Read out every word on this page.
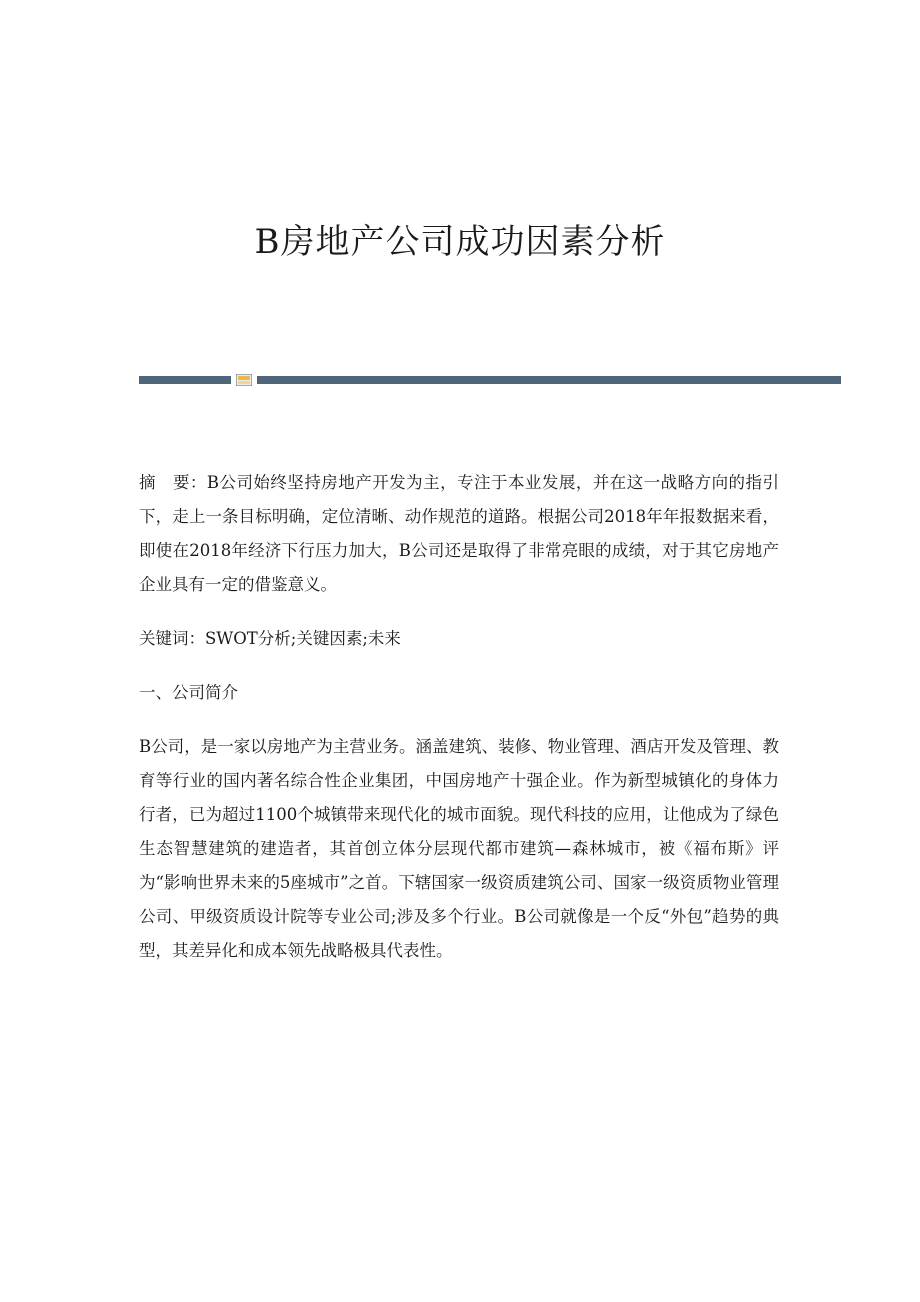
B房地产公司成功因素分析

摘　要：B公司始终坚持房地产开发为主，专注于本业发展，并在这一战略方向的指引下，走上一条目标明确，定位清晰、动作规范的道路。根据公司2018年年报数据来看，即使在2018年经济下行压力加大，B公司还是取得了非常亮眼的成绩，对于其它房地产企业具有一定的借鉴意义。

关键词：SWOT分析;关键因素;未来

一、公司简介

B公司，是一家以房地产为主营业务。涵盖建筑、装修、物业管理、酒店开发及管理、教育等行业的国内著名综合性企业集团，中国房地产十强企业。作为新型城镇化的身体力行者，已为超过1100个城镇带来现代化的城市面貌。现代科技的应用，让他成为了绿色生态智慧建筑的建造者，其首创立体分层现代都市建筑—森林城市，被《福布斯》评为“影响世界未来的5座城市”之首。下辖国家一级资质建筑公司、国家一级资质物业管理公司、甲级资质设计院等专业公司;涉及多个行业。B公司就像是一个反“外包”趋势的典型，其差异化和成本领先战略极具代表性。
